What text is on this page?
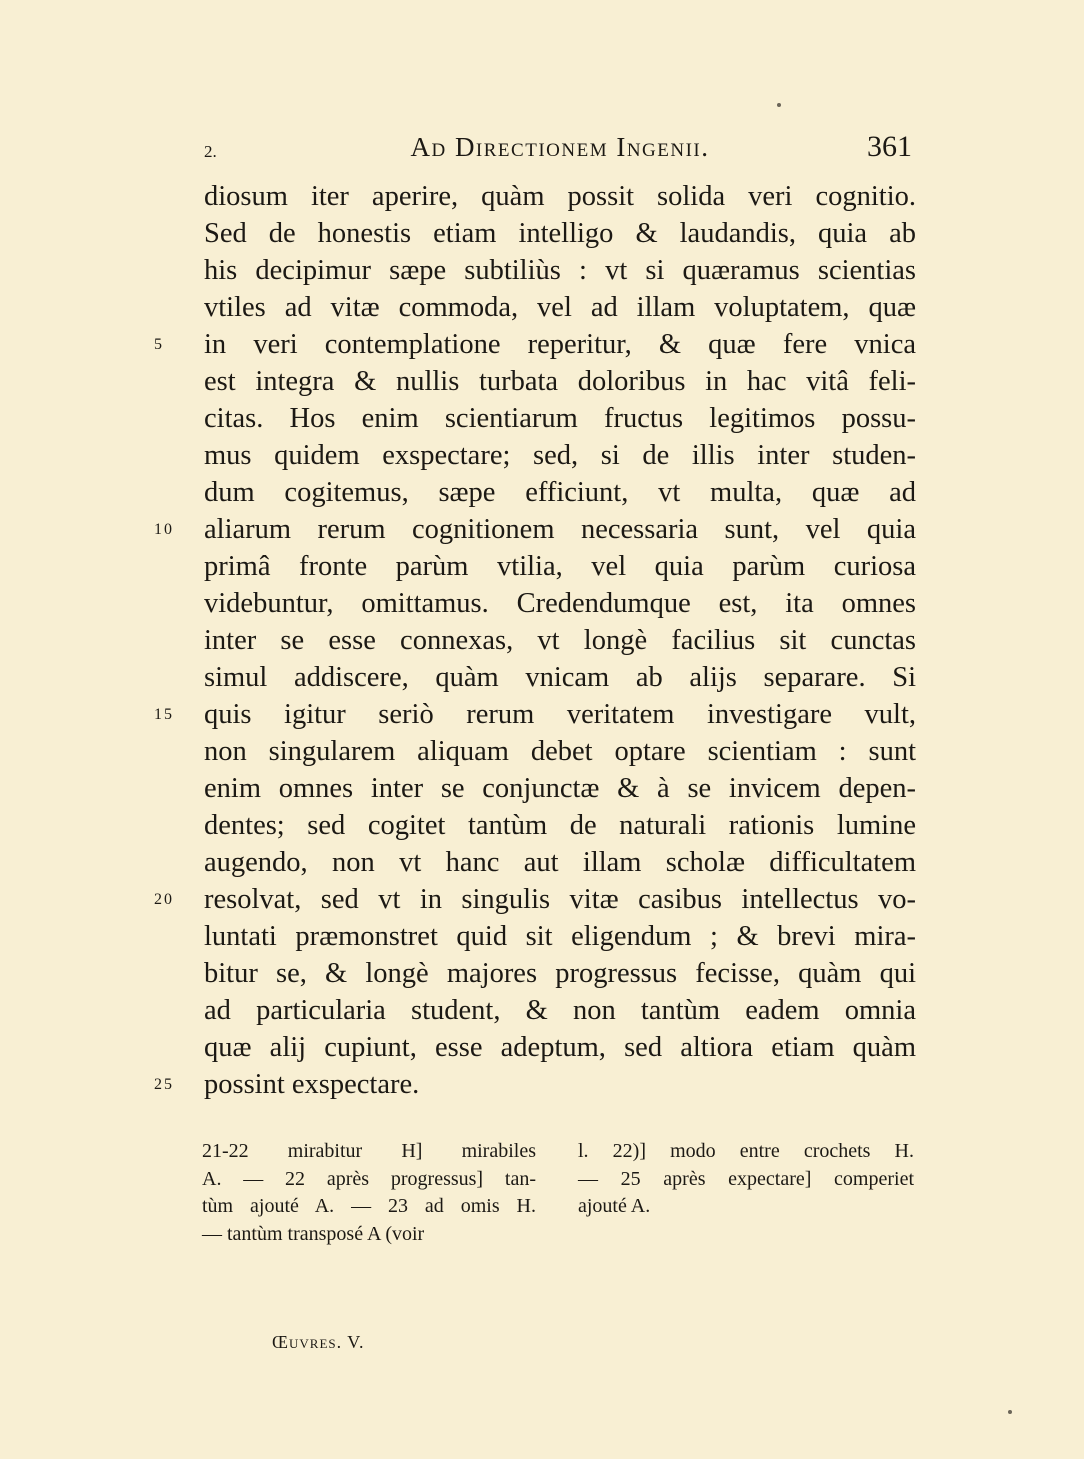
2.	Ad Directionem Ingenii.	361
diosum iter aperire, quàm possit solida veri cognitio.
Sed de honestis etiam intelligo & laudandis, quia ab
his decipimur sæpe subtiliùs : vt si quæramus scientias
vtiles ad vitæ commoda, vel ad illam voluptatem, quæ
5	in veri contemplatione reperitur, & quæ fere vnica
est integra & nullis turbata doloribus in hac vitâ feli-
citas. Hos enim scientiarum fructus legitimos possu-
mus quidem exspectare; sed, si de illis inter studen-
dum cogitemus, sæpe efficiunt, vt multa, quæ ad
10	aliarum rerum cognitionem necessaria sunt, vel quia
primâ fronte parùm vtilia, vel quia parùm curiosa
videbuntur, omittamus. Credendumque est, ita omnes
inter se esse connexas, vt longè facilius sit cunctas
simul addiscere, quàm vnicam ab alijs separare. Si
15	quis igitur seriò rerum veritatem investigare vult,
non singularem aliquam debet optare scientiam : sunt
enim omnes inter se conjunctæ & à se invicem depen-
dentes; sed cogitet tantùm de naturali rationis lumine
augendo, non vt hanc aut illam scholæ difficultatem
20	resolvat, sed vt in singulis vitæ casibus intellectus vo-
luntati præmonstret quid sit eligendum ; & brevi mira-
bitur se, & longè majores progressus fecisse, quàm qui
ad particularia student, & non tantùm eadem omnia
quæ alij cupiunt, esse adeptum, sed altiora etiam quàm
25	possint exspectare.
21-22 mirabitur H] mirabiles
A. — 22 après progressus] tan-
tùm ajouté A. — 23 ad omis H.
— tantùm transposé A (voir
l. 22)] modo entre crochets H.
— 25 après expectare] comperiet
ajouté A.
Œuvres. V.
